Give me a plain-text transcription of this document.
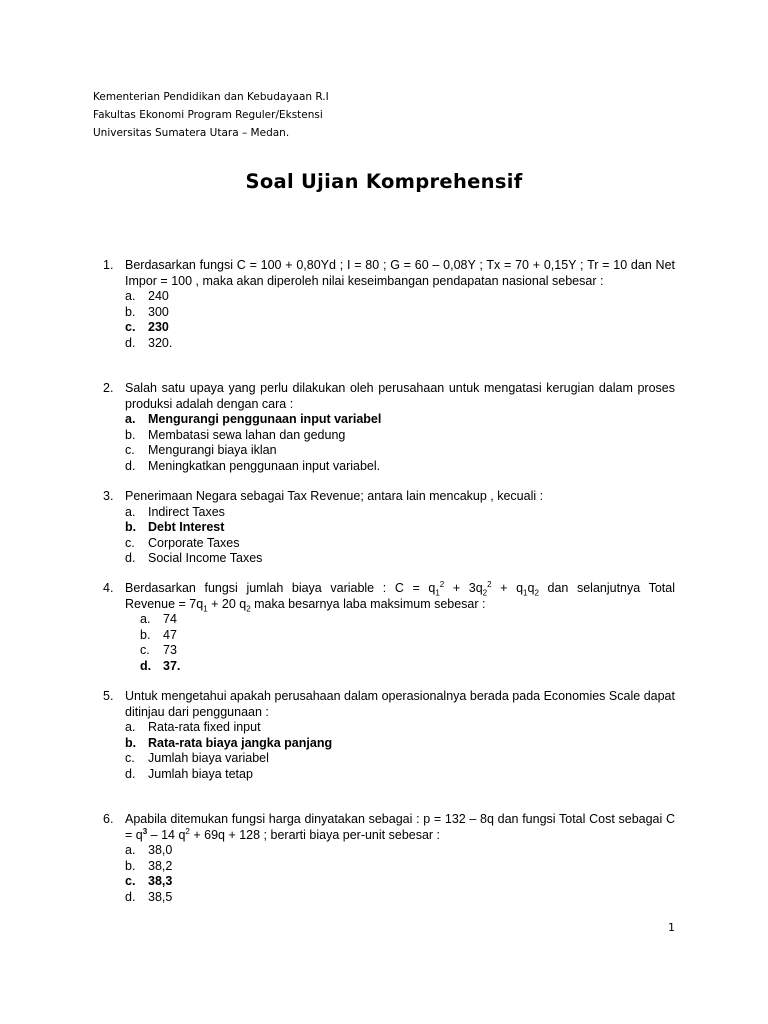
Kementerian Pendidikan dan Kebudayaan R.I
Fakultas Ekonomi Program Reguler/Ekstensi
Universitas Sumatera Utara – Medan.
Soal Ujian Komprehensif
1. Berdasarkan fungsi C = 100 + 0,80Yd ; I = 80 ; G = 60 – 0,08Y ; Tx = 70 + 0,15Y ; Tr = 10 dan Net Impor = 100 , maka akan diperoleh nilai keseimbangan pendapatan nasional sebesar :
a. 240
b. 300
c. 230
d. 320.
2. Salah satu upaya yang perlu dilakukan oleh perusahaan untuk mengatasi kerugian dalam proses produksi adalah dengan cara :
a. Mengurangi penggunaan input variabel
b. Membatasi sewa lahan dan gedung
c. Mengurangi biaya iklan
d. Meningkatkan penggunaan input variabel.
3. Penerimaan Negara sebagai Tax Revenue; antara lain mencakup , kecuali :
a. Indirect Taxes
b. Debt Interest
c. Corporate Taxes
d. Social Income Taxes
4. Berdasarkan fungsi jumlah biaya variable : $C = q_1^2 + 3q_2^2 + q_1q_2$ dan selanjutnya Total
Revenue = $7q_1 + 20$ $q_2$ maka besarnya laba maksimum sebesar :
a. 74
b. 47
c. 73
d. 37.
5. Untuk mengetahui apakah perusahaan dalam operasionalnya berada pada Economies Scale dapat ditinjau dari penggunaan :
a. Rata-rata fixed input
b. Rata-rata biaya jangka panjang
c. Jumlah biaya variabel
d. Jumlah biaya tetap
6. Apabila ditemukan fungsi harga dinyatakan sebagai : p = 132 – 8q dan fungsi Total Cost sebagai $C = q^3 - 14$ $q^2 + 69q + 128$ ; berarti biaya per-unit sebesar :
a. 38,0
b. 38,2
c. 38,3
d. 38,5
1
